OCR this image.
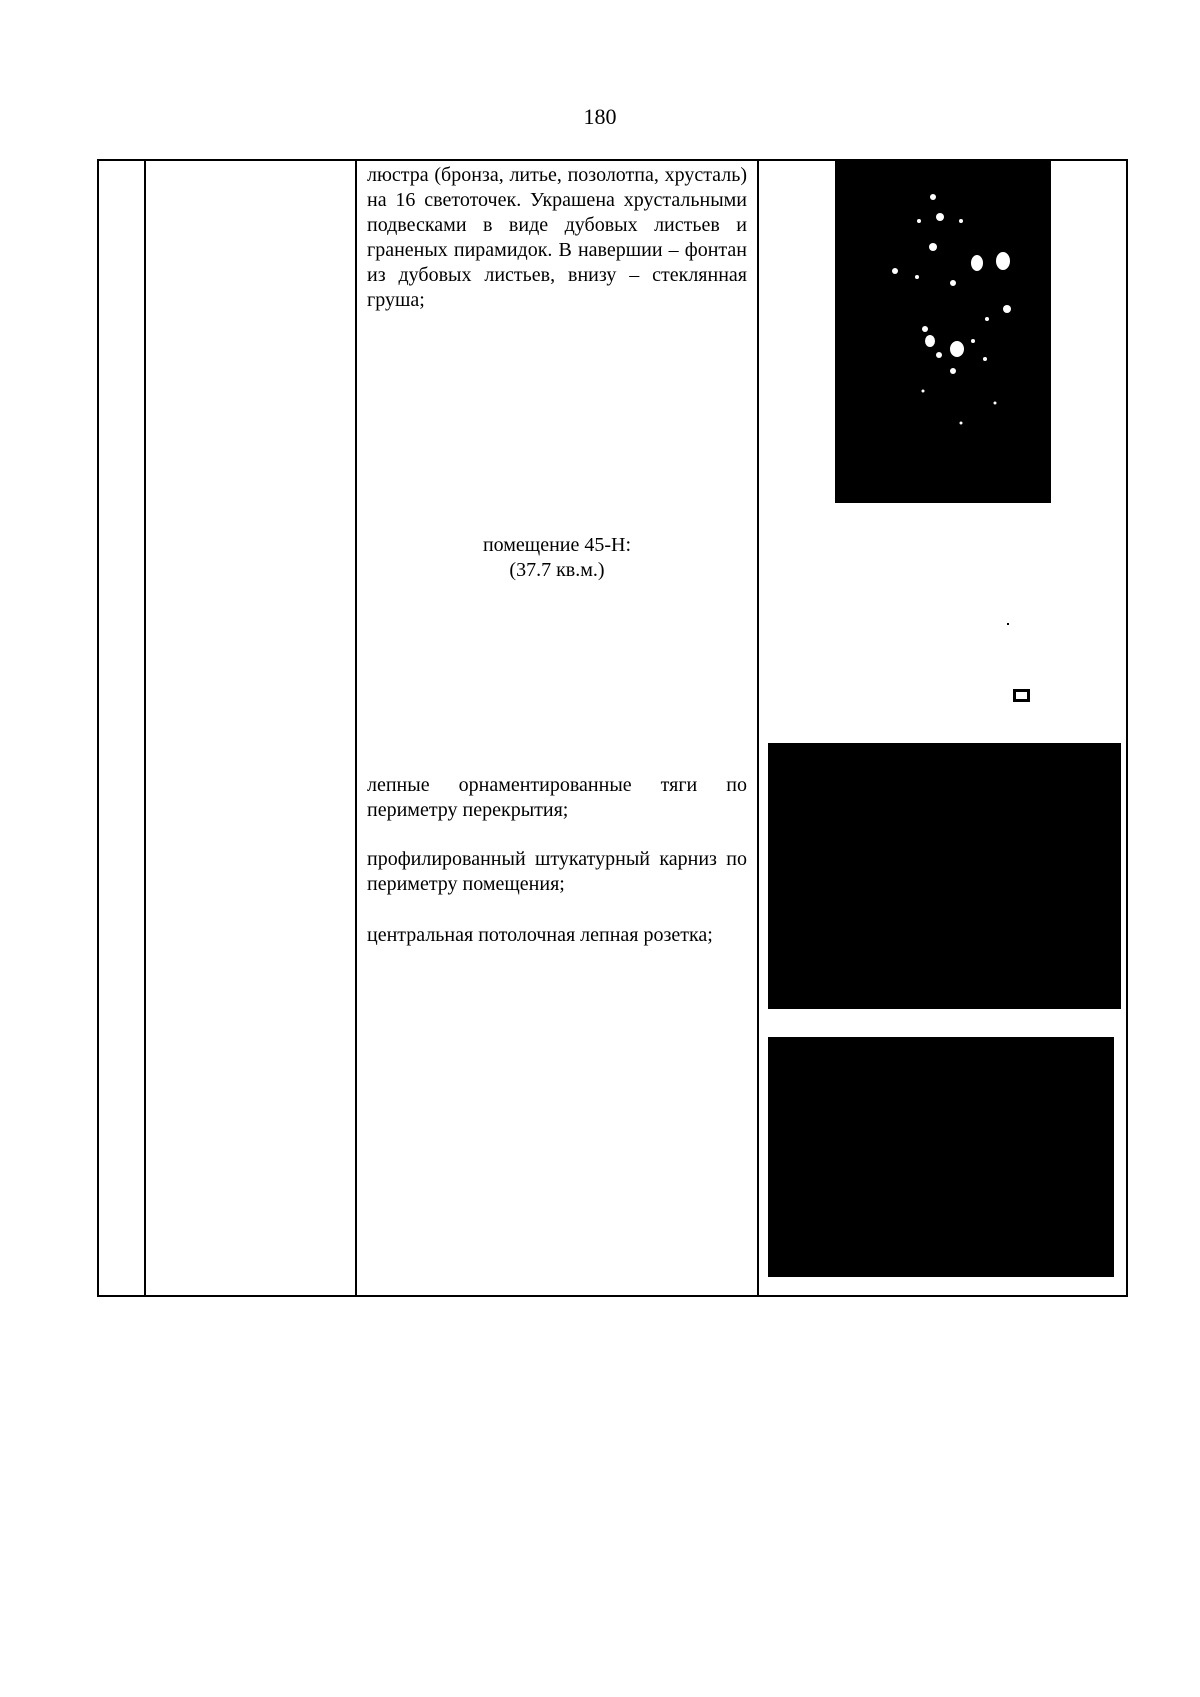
180
люстра (бронза, литье, позолотпа, хрусталь) на 16 светоточек. Украшена хрустальными подвесками в виде дубовых листьев и граненых пирамидок. В навершии – фонтан из дубовых листьев, внизу – стеклянная груша;
помещение 45-Н:
(37.7 кв.м.)
лепные орнаментированные тяги по периметру перекрытия;
профилированный штукатурный карниз по периметру помещения;
центральная потолочная лепная розетка;
